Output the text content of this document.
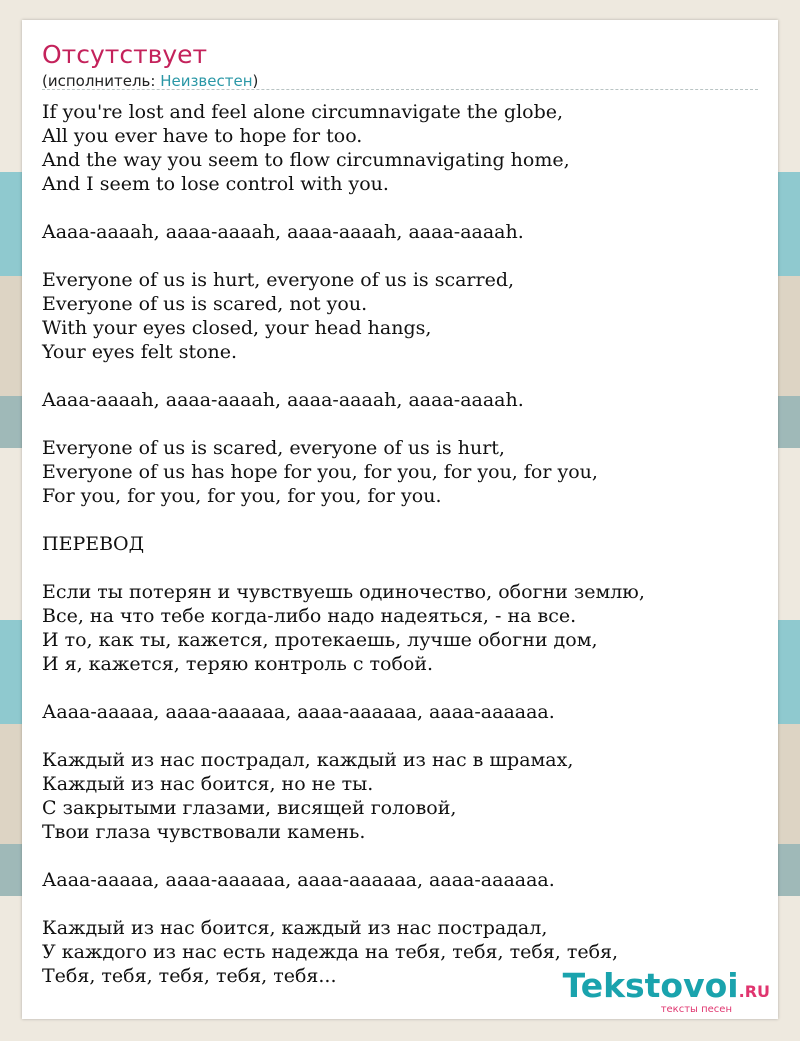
Отсутствует
(исполнитель: Неизвестен)
If you're lost and feel alone circumnavigate the globe,
All you ever have to hope for too.
And the way you seem to flow circumnavigating home,
And I seem to lose control with you.
Aaaa-aaaah, aaaa-aaaah, aaaa-aaaah, aaaa-aaaah.
Everyone of us is hurt, everyone of us is scarred,
Everyone of us is scared, not you.
With your eyes closed, your head hangs,
Your eyes felt stone.
Aaaa-aaaah, aaaa-aaaah, aaaa-aaaah, aaaa-aaaah.
Everyone of us is scared, everyone of us is hurt,
Everyone of us has hope for you, for you, for you, for you,
For you, for you, for you, for you, for you.
ПЕРЕВОД
Если ты потерян и чувствуешь одиночество, обогни землю,
Все, на что тебе когда-либо надо надеяться, - на все.
И то, как ты, кажется, протекаешь, лучше обогни дом,
И я, кажется, теряю контроль с тобой.
Аааа-ааааа, аааа-аааааа, аааа-аааааа, аааа-аааааа.
Каждый из нас пострадал, каждый из нас в шрамах,
Каждый из нас боится, но не ты.
С закрытыми глазами, висящей головой,
Твои глаза чувствовали камень.
Аааа-ааааа, аааа-аааааа, аааа-аааааа, аааа-аааааа.
Каждый из нас боится, каждый из нас пострадал,
У каждого из нас есть надежда на тебя, тебя, тебя, тебя,
Тебя, тебя, тебя, тебя, тебя...	Tekstovoi.RU
тексты песен
